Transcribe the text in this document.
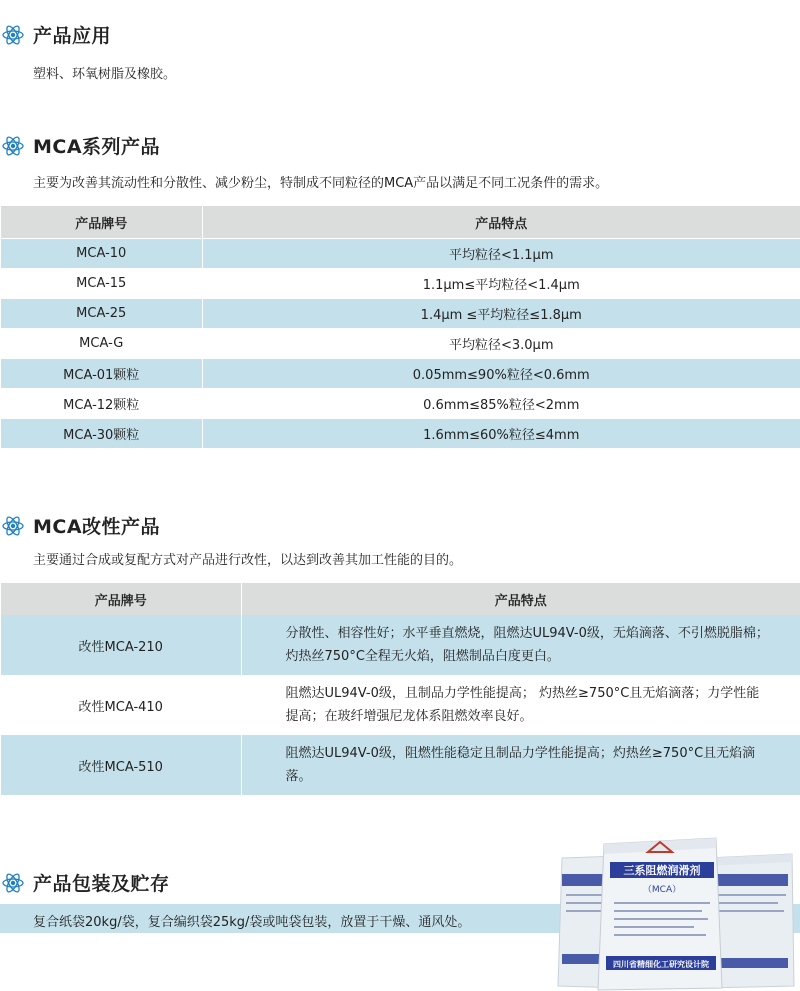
产品应用
塑料、环氧树脂及橡胶。
MCA系列产品
主要为改善其流动性和分散性、减少粉尘，特制成不同粒径的MCA产品以满足不同工况条件的需求。
产品牌号	产品特点
MCA-10	平均粒径<1.1μm
MCA-15	1.1μm≤平均粒径<1.4μm
MCA-25	1.4μm ≤平均粒径≤1.8μm
MCA-G	平均粒径<3.0μm
MCA-01颗粒	0.05mm≤90%粒径<0.6mm
MCA-12颗粒	0.6mm≤85%粒径<2mm
MCA-30颗粒	1.6mm≤60%粒径≤4mm
MCA改性产品
主要通过合成或复配方式对产品进行改性，以达到改善其加工性能的目的。
产品牌号	产品特点
改性MCA-210	分散性、相容性好；水平垂直燃烧，阻燃达UL94V-0级，无焰滴落、不引燃脱脂棉；灼热丝750°C全程无火焰，阻燃制品白度更白。
改性MCA-410	阻燃达UL94V-0级，且制品力学性能提高； 灼热丝≥750°C且无焰滴落；力学性能提高；在玻纤增强尼龙体系阻燃效率良好。
改性MCA-510	阻燃达UL94V-0级，阻燃性能稳定且制品力学性能提高；灼热丝≥750°C且无焰滴落。
产品包装及贮存
复合纸袋20kg/袋，复合编织袋25kg/袋或吨袋包装，放置于干燥、通风处。
三系阻燃润滑剂
（MCA）
四川省精细化工研究设计院
